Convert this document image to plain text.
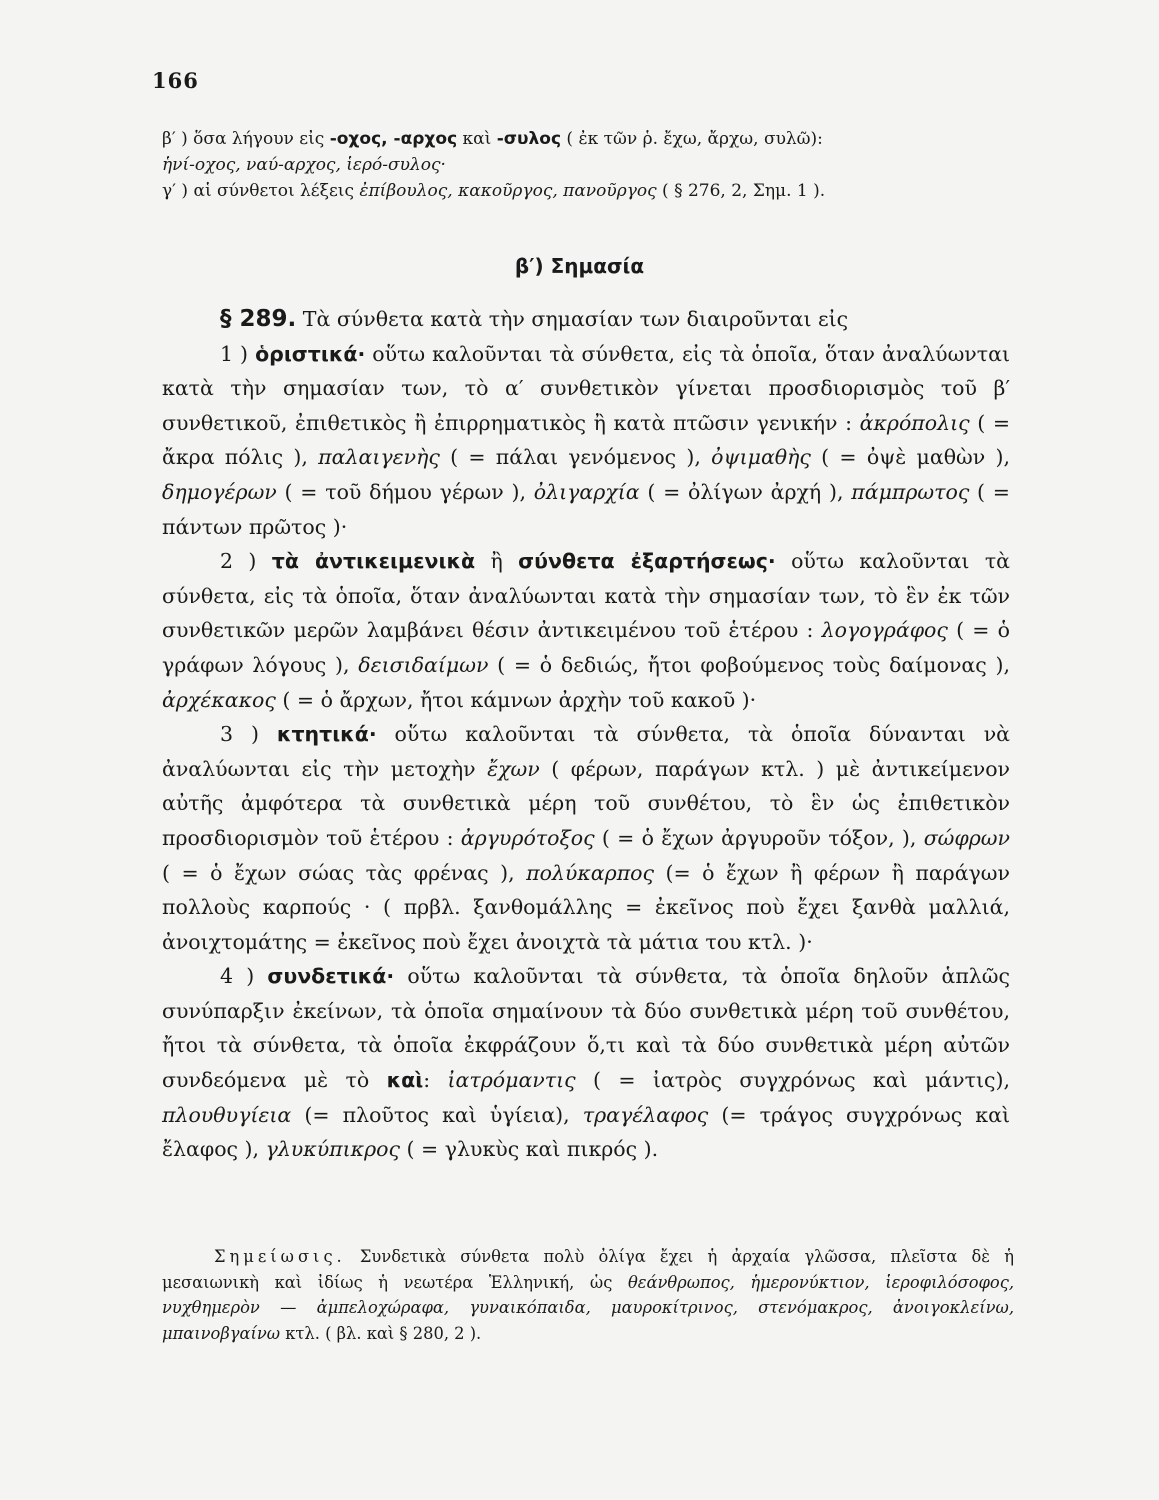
166
β′ ) ὅσα λήγουν εἰς -οχος, -αρχος καὶ -συλος ( ἐκ τῶν ῥ. ἔχω, ἄρχω, συλῶ):
ἡνί-οχος, ναύ-αρχος, ἱερό-συλος·
γ′ ) αἱ σύνθετοι λέξεις ἐπίβουλος, κακοῦργος, πανοῦργος ( § 276, 2, Σημ. 1 ).
β′) Σημασία

§ 289. Τὰ σύνθετα κατὰ τὴν σημασίαν των διαιροῦνται εἰς

1 ) ὁριστικά· οὕτω καλοῦνται τὰ σύνθετα, εἰς τὰ ὁποῖα, ὅταν ἀναλύωνται κατὰ τὴν σημασίαν των, τὸ α′ συνθετικὸν γίνεται προσδιορισμὸς τοῦ β′ συνθετικοῦ, ἐπιθετικὸς ἢ ἐπιρρηματικὸς ἢ κατὰ πτῶσιν γενικήν : ἀκρόπολις ( = ἄκρα πόλις ), παλαιγενὴς ( = πάλαι γενόμενος ), ὀψιμαθὴς ( = ὀψὲ μαθὼν ), δημογέρων ( = τοῦ δήμου γέρων ), ὀλιγαρχία ( = ὀλίγων ἀρχή ), πάμπρωτος ( = πάντων πρῶτος )·

2 ) τὰ ἀντικειμενικὰ ἢ σύνθετα ἐξαρτήσεως· οὕτω καλοῦνται τὰ σύνθετα, εἰς τὰ ὁποῖα, ὅταν ἀναλύωνται κατὰ τὴν σημασίαν των, τὸ ἓν ἐκ τῶν συνθετικῶν μερῶν λαμβάνει θέσιν ἀντικειμένου τοῦ ἑτέρου : λογογράφος ( = ὁ γράφων λόγους ), δεισιδαίμων ( = ὁ δεδιώς, ἤτοι φοβούμενος τοὺς δαίμονας ), ἀρχέκακος ( = ὁ ἄρχων, ἤτοι κάμνων ἀρχὴν τοῦ κακοῦ )·

3 ) κτητικά· οὕτω καλοῦνται τὰ σύνθετα, τὰ ὁποῖα δύνανται νὰ ἀναλύωνται εἰς τὴν μετοχὴν ἔχων ( φέρων, παράγων κτλ. ) μὲ ἀντικείμενον αὐτῆς ἀμφότερα τὰ συνθετικὰ μέρη τοῦ συνθέτου, τὸ ἓν ὡς ἐπιθετικὸν προσδιορισμὸν τοῦ ἑτέρου : ἀργυρότοξος ( = ὁ ἔχων ἀργυροῦν τόξον, ), σώφρων ( = ὁ ἔχων σώας τὰς φρένας ), πολύκαρπος (= ὁ ἔχων ἢ φέρων ἢ παράγων πολλοὺς καρπούς · ( πρβλ. ξανθομάλλης = ἐκεῖνος ποὺ ἔχει ξανθὰ μαλλιά, ἀνοιχτομάτης = ἐκεῖνος ποὺ ἔχει ἀνοιχτὰ τὰ μάτια του κτλ. )·

4 ) συνδετικά· οὕτω καλοῦνται τὰ σύνθετα, τὰ ὁποῖα δηλοῦν ἁπλῶς συνύπαρξιν ἐκείνων, τὰ ὁποῖα σημαίνουν τὰ δύο συνθετικὰ μέρη τοῦ συνθέτου, ἤτοι τὰ σύνθετα, τὰ ὁποῖα ἐκφράζουν ὅ,τι καὶ τὰ δύο συνθετικὰ μέρη αὐτῶν συνδεόμενα μὲ τὸ καὶ: ἰατρόμαντις ( = ἰατρὸς συγχρόνως καὶ μάντις), πλουθυγίεια (= πλοῦτος καὶ ὑγίεια), τραγέλαφος (= τράγος συγχρόνως καὶ ἔλαφος ), γλυκύπικρος ( = γλυκὺς καὶ πικρός ).

Σημείωσις. Συνδετικὰ σύνθετα πολὺ ὀλίγα ἔχει ἡ ἀρχαία γλῶσσα, πλεῖστα δὲ ἡ μεσαιωνικὴ καὶ ἰδίως ἡ νεωτέρα Ἑλληνική, ὡς θεάνθρωπος, ἡμερονύκτιον, ἱεροφιλόσοφος, νυχθημερὸν — ἀμπελοχώραφα, γυναικόπαιδα, μαυροκίτρινος, στενόμακρος, ἀνοιγοκλείνω, μπαινοβγαίνω κτλ. ( βλ. καὶ § 280, 2 ).
